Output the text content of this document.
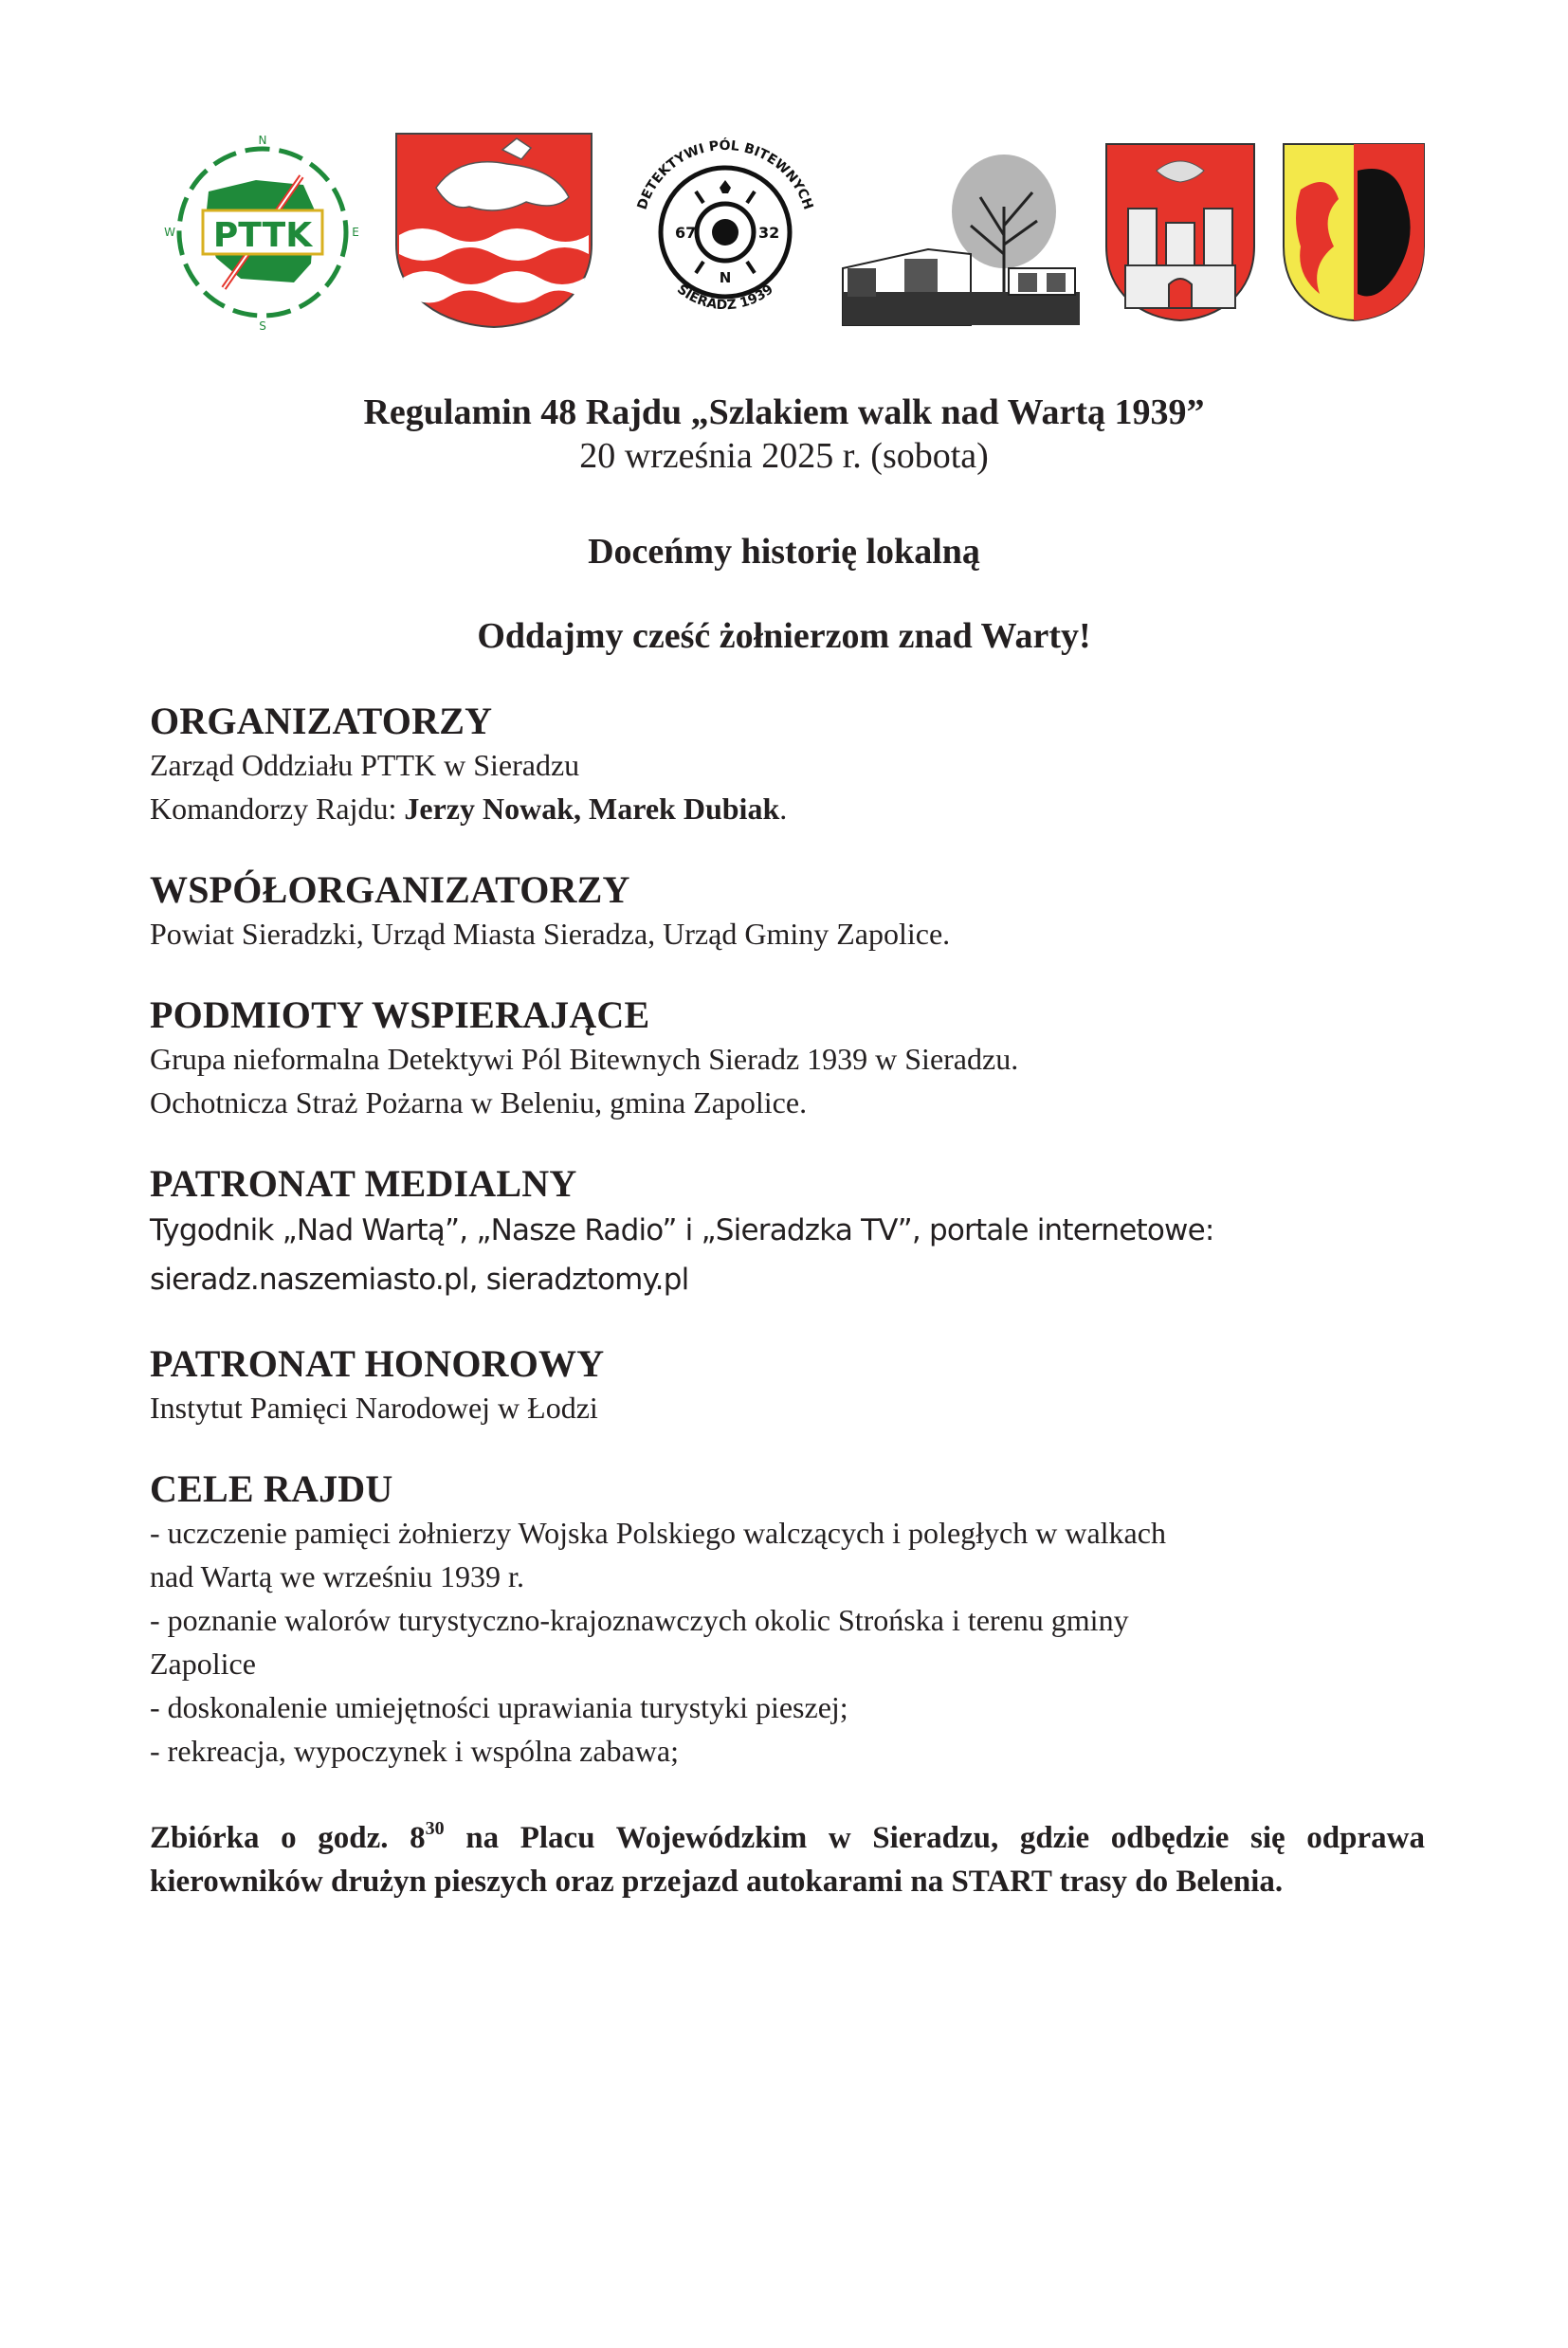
PTTK
N
E
S
W
DETEKTYWI PÓL BITEWNYCH
SIERADZ 1939
67	32
N
Regulamin 48 Rajdu „Szlakiem walk nad Wartą 1939”
20 września 2025 r. (sobota)
Doceńmy historię lokalną
Oddajmy cześć żołnierzom znad Warty!
ORGANIZATORZY
Zarząd Oddziału PTTK w Sieradzu
Komandorzy Rajdu: Jerzy Nowak, Marek Dubiak.
WSPÓŁORGANIZATORZY
Powiat Sieradzki, Urząd Miasta Sieradza, Urząd Gminy Zapolice.
PODMIOTY WSPIERAJĄCE
Grupa nieformalna Detektywi Pól Bitewnych Sieradz 1939 w Sieradzu.
Ochotnicza Straż Pożarna w Beleniu, gmina Zapolice.
PATRONAT MEDIALNY
Tygodnik „Nad Wartą”, „Nasze Radio” i „Sieradzka TV”, portale internetowe:
sieradz.naszemiasto.pl, sieradztomy.pl
PATRONAT HONOROWY
Instytut Pamięci Narodowej w Łodzi
CELE RAJDU
- uczczenie pamięci żołnierzy Wojska Polskiego walczących i poległych w walkach
nad Wartą we wrześniu 1939 r.
- poznanie walorów turystyczno-krajoznawczych okolic Strońska i terenu gminy
Zapolice
- doskonalenie umiejętności uprawiania turystyki pieszej;
- rekreacja, wypoczynek i wspólna zabawa;
Zbiórka o godz. $8^{30}$ na Placu Wojewódzkim w Sieradzu, gdzie odbędzie się odprawa kierowników drużyn pieszych oraz przejazd autokarami na START trasy do Belenia.
